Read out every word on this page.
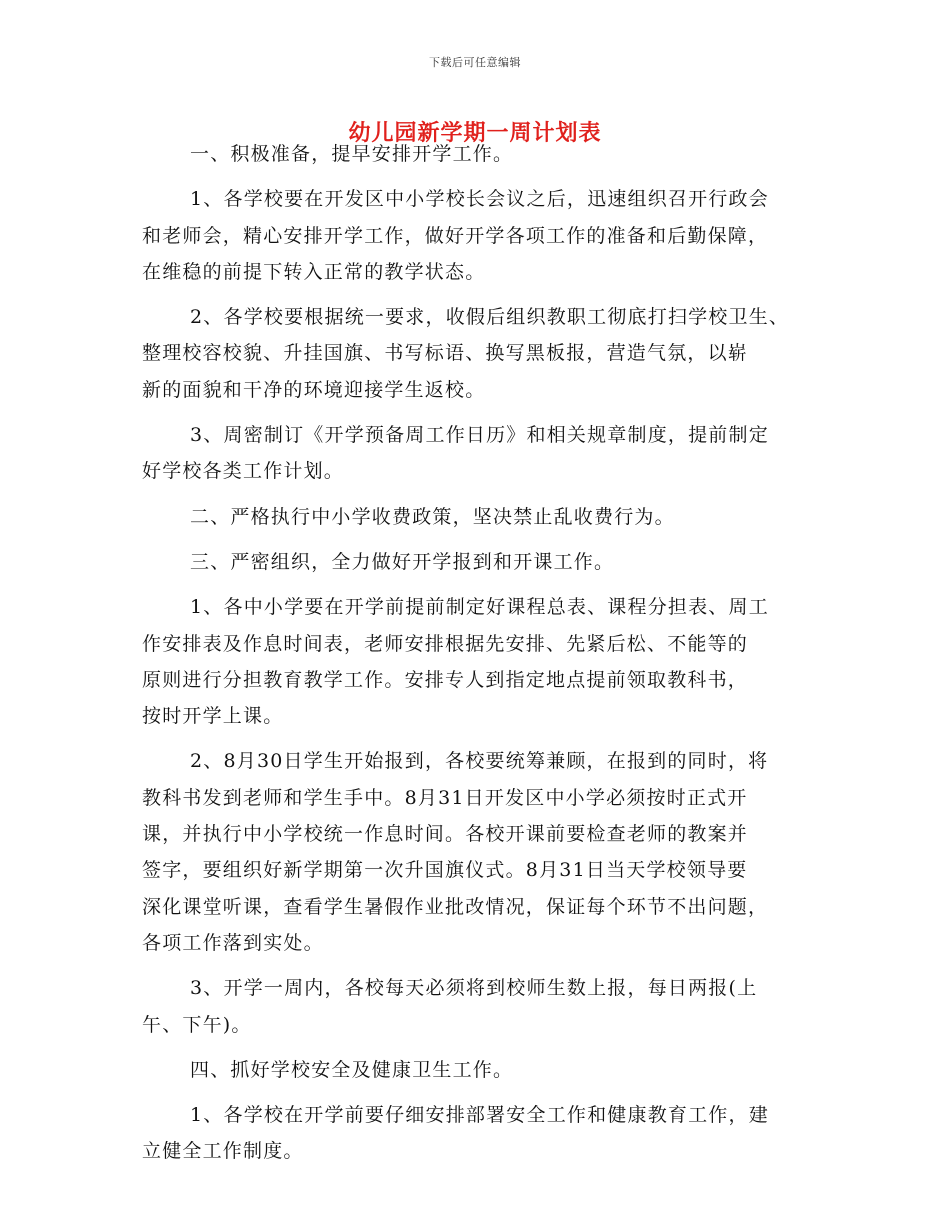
下载后可任意编辑
幼儿园新学期一周计划表
一、积极准备，提早安排开学工作。
1、各学校要在开发区中小学校长会议之后，迅速组织召开行政会
和老师会，精心安排开学工作，做好开学各项工作的准备和后勤保障，
在维稳的前提下转入正常的教学状态。
2、各学校要根据统一要求，收假后组织教职工彻底打扫学校卫生、
整理校容校貌、升挂国旗、书写标语、换写黑板报，营造气氛，以崭
新的面貌和干净的环境迎接学生返校。
3、周密制订《开学预备周工作日历》和相关规章制度，提前制定
好学校各类工作计划。
二、严格执行中小学收费政策，坚决禁止乱收费行为。
三、严密组织，全力做好开学报到和开课工作。
1、各中小学要在开学前提前制定好课程总表、课程分担表、周工
作安排表及作息时间表，老师安排根据先安排、先紧后松、不能等的
原则进行分担教育教学工作。安排专人到指定地点提前领取教科书，
按时开学上课。
2、8月30日学生开始报到，各校要统筹兼顾，在报到的同时，将
教科书发到老师和学生手中。8月31日开发区中小学必须按时正式开
课，并执行中小学校统一作息时间。各校开课前要检查老师的教案并
签字，要组织好新学期第一次升国旗仪式。8月31日当天学校领导要
深化课堂听课，查看学生暑假作业批改情况，保证每个环节不出问题，
各项工作落到实处。
3、开学一周内，各校每天必须将到校师生数上报，每日两报(上
午、下午)。
四、抓好学校安全及健康卫生工作。
1、各学校在开学前要仔细安排部署安全工作和健康教育工作，建
立健全工作制度。
